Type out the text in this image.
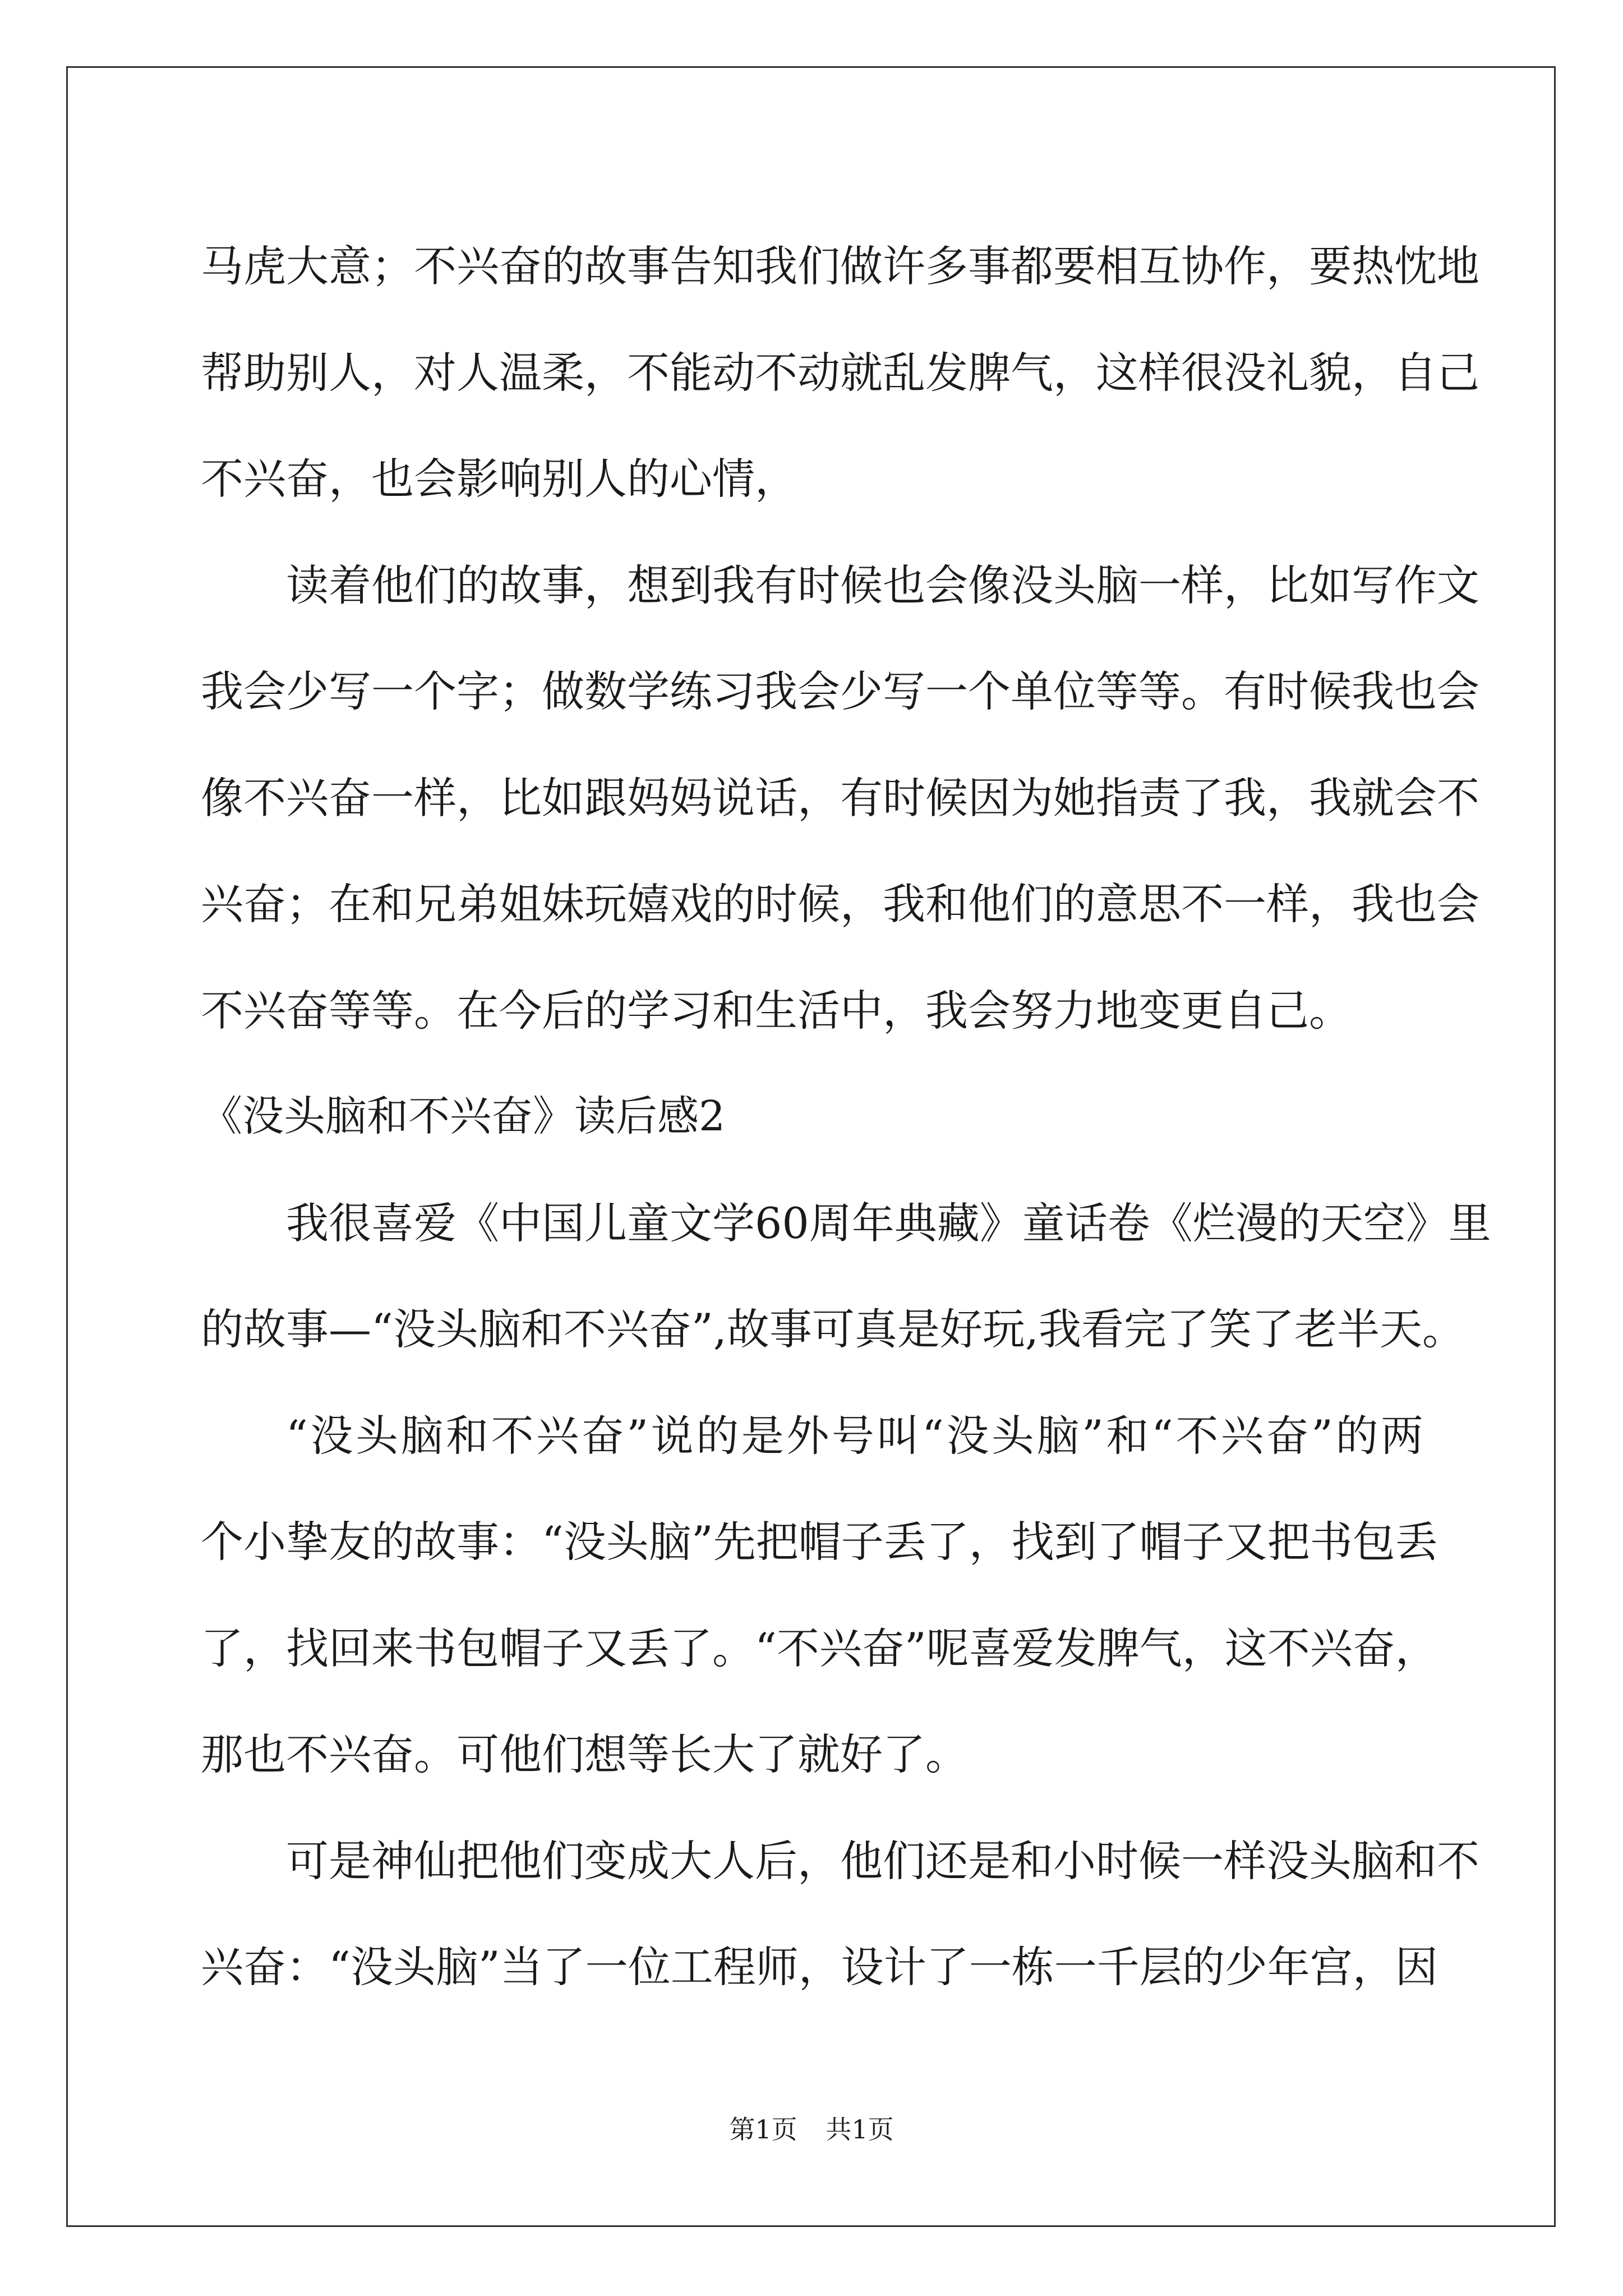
马虎大意；不兴奋的故事告知我们做许多事都要相互协作，要热忱地
帮助别人，对人温柔，不能动不动就乱发脾气，这样很没礼貌，自己
不兴奋，也会影响别人的心情，
读着他们的故事，想到我有时候也会像没头脑一样，比如写作文
我会少写一个字；做数学练习我会少写一个单位等等。有时候我也会
像不兴奋一样，比如跟妈妈说话，有时候因为她指责了我，我就会不
兴奋；在和兄弟姐妹玩嬉戏的时候，我和他们的意思不一样，我也会
不兴奋等等。在今后的学习和生活中，我会努力地变更自己。
《没头脑和不兴奋》读后感2
我很喜爱《中国儿童文学60周年典藏》童话卷《烂漫的天空》里
的故事—“没头脑和不兴奋”,故事可真是好玩,我看完了笑了老半天。
“没头脑和不兴奋”说的是外号叫“没头脑”和“不兴奋”的两
个小挚友的故事：“没头脑”先把帽子丢了，找到了帽子又把书包丢
了，找回来书包帽子又丢了。“不兴奋”呢喜爱发脾气，这不兴奋，
那也不兴奋。可他们想等长大了就好了。
可是神仙把他们变成大人后，他们还是和小时候一样没头脑和不
兴奋：“没头脑”当了一位工程师，设计了一栋一千层的少年宫，因
第1页 共1页
